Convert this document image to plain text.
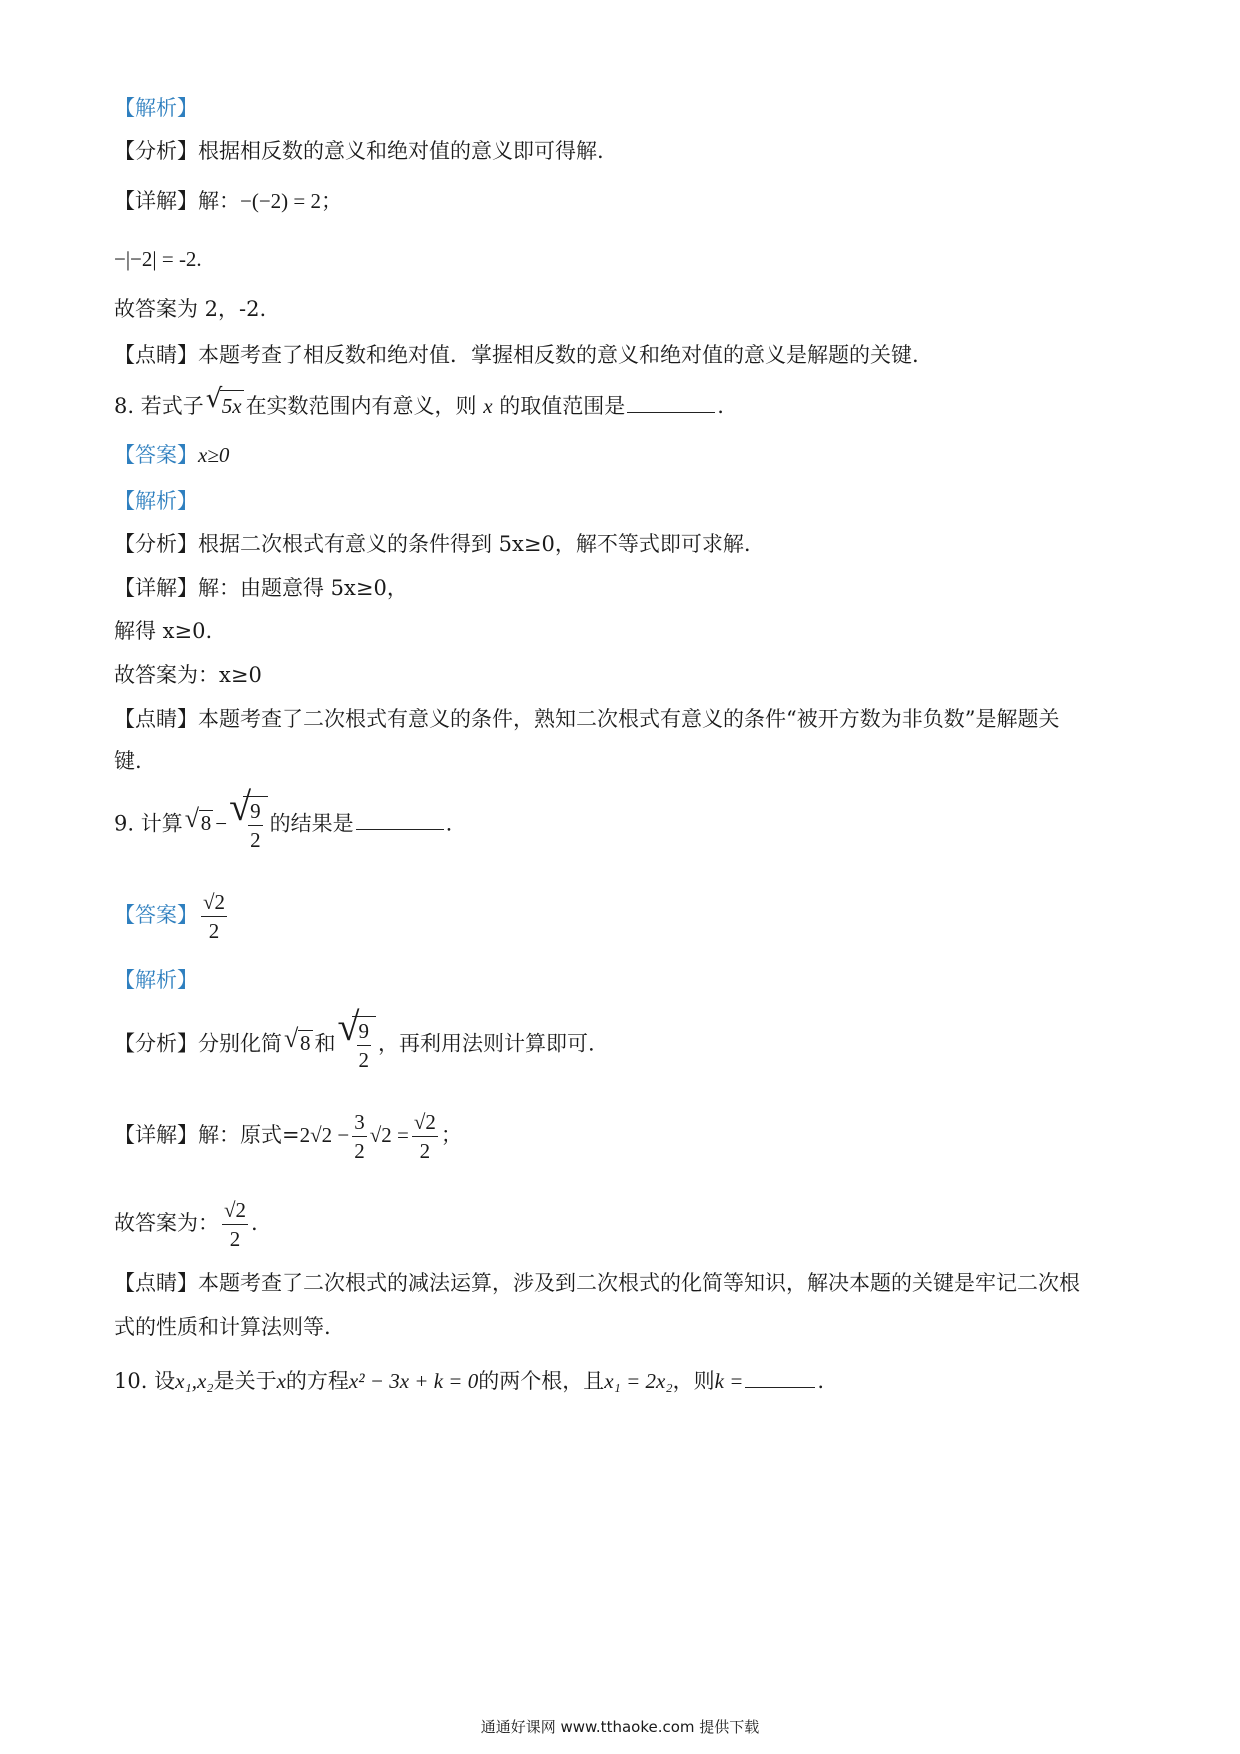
【解析】
【分析】根据相反数的意义和绝对值的意义即可得解.
【详解】解：−(−2) = 2；
−|−2| = -2.
故答案为 2，-2.
【点睛】本题考查了相反数和绝对值．掌握相反数的意义和绝对值的意义是解题的关键.
8. 若式子 √ 5x 在实数范围内有意义，则 x 的取值范围是	.
【答案】x≥0
【解析】
【分析】根据二次根式有意义的条件得到 5x≥0，解不等式即可求解.
【详解】解：由题意得 5x≥0，
解得 x≥0.
故答案为：x≥0
【点睛】本题考查了二次根式有意义的条件，熟知二次根式有意义的条件“被开方数为非负数”是解题关
键.
9. 计算 √ 8 − √
$\frac{9}{2}$ 的结果是	.
【答案】 $\frac{√2}{2}$
【解析】
【分析】分别化简 √ 8 和 √
$\frac{9}{2}$ ，再利用法则计算即可.
【详解】解：原式$=2√2 - \frac{3}{2} √2 = \frac{√2}{2}$ ；
故答案为： $\frac{√2}{2}$ .
【点睛】本题考查了二次根式的减法运算，涉及到二次根式的化简等知识，解决本题的关键是牢记二次根
式的性质和计算法则等.
10. 设x₁,x₂是关于x的方程x² − 3x + k = 0的两个根，且x₁ = 2x₂，则k =	.
通通好课网 www.tthaoke.com 提供下载
